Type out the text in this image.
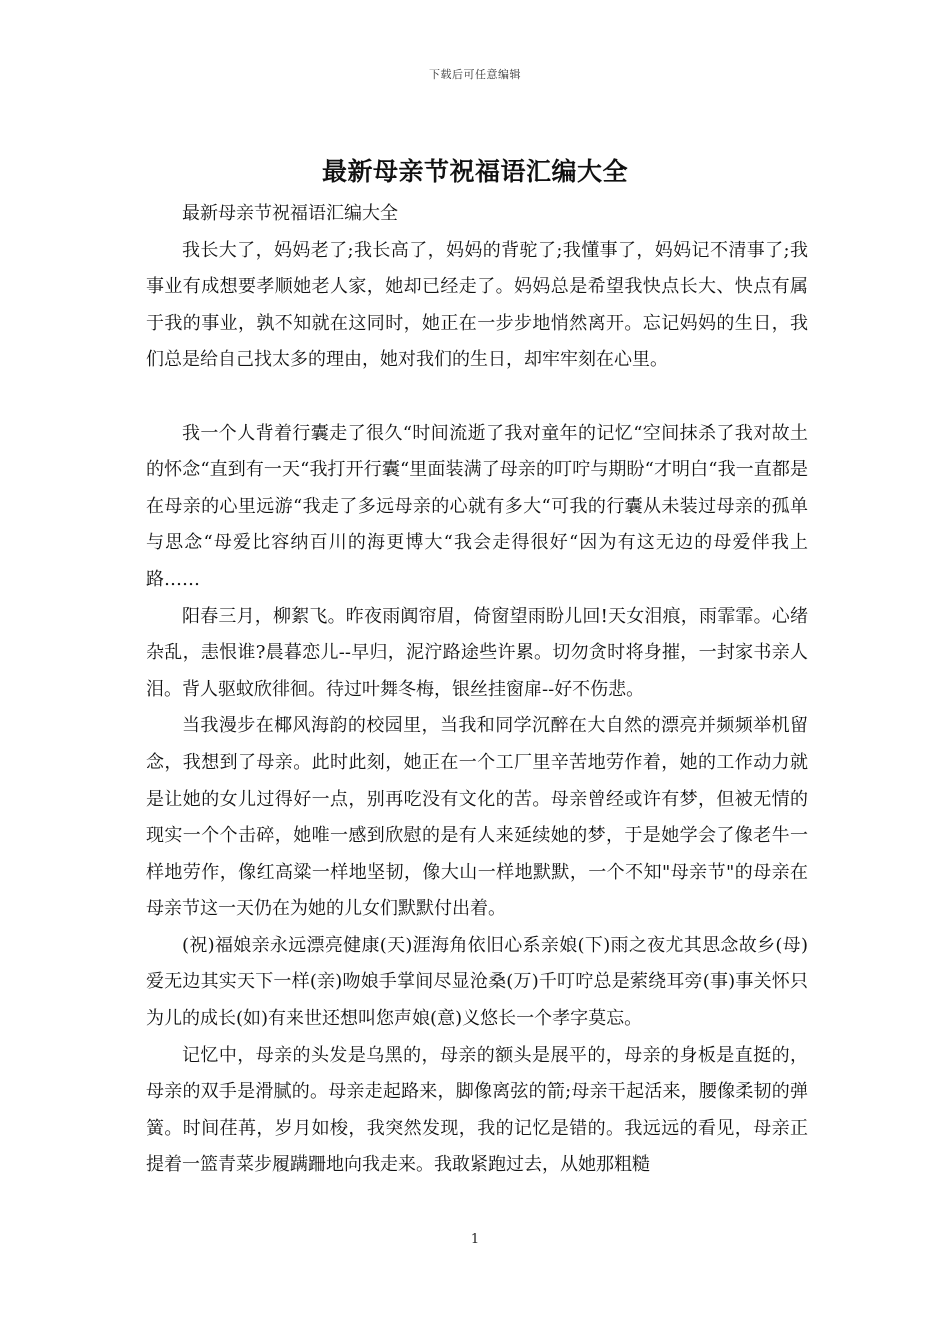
下载后可任意编辑
最新母亲节祝福语汇编大全

最新母亲节祝福语汇编大全

我长大了，妈妈老了;我长高了，妈妈的背驼了;我懂事了，妈妈记不清事了;我事业有成想要孝顺她老人家，她却已经走了。妈妈总是希望我快点长大、快点有属于我的事业，孰不知就在这同时，她正在一步步地悄然离开。忘记妈妈的生日，我们总是给自己找太多的理由，她对我们的生日，却牢牢刻在心里。

我一个人背着行囊走了很久“时间流逝了我对童年的记忆“空间抹杀了我对故土的怀念“直到有一天“我打开行囊“里面装满了母亲的叮咛与期盼“才明白“我一直都是在母亲的心里远游“我走了多远母亲的心就有多大“可我的行囊从未装过母亲的孤单与思念“母爱比容纳百川的海更博大“我会走得很好“因为有这无边的母爱伴我上路……

阳春三月，柳絮飞。昨夜雨阗帘眉，倚窗望雨盼儿回!天女泪痕，雨霏霏。心绪杂乱，恚恨谁?晨暮恋儿--早归，泥泞路途些许累。切勿贪时将身摧，一封家书亲人泪。背人驱蚊欣徘徊。待过叶舞冬梅，银丝挂窗扉--好不伤悲。

当我漫步在椰风海韵的校园里，当我和同学沉醉在大自然的漂亮并频频举机留念，我想到了母亲。此时此刻，她正在一个工厂里辛苦地劳作着，她的工作动力就是让她的女儿过得好一点，别再吃没有文化的苦。母亲曾经或许有梦，但被无情的现实一个个击碎，她唯一感到欣慰的是有人来延续她的梦，于是她学会了像老牛一样地劳作，像红高粱一样地坚韧，像大山一样地默默，一个不知"母亲节"的母亲在母亲节这一天仍在为她的儿女们默默付出着。

(祝)福娘亲永远漂亮健康(天)涯海角依旧心系亲娘(下)雨之夜尤其思念故乡(母)爱无边其实天下一样(亲)吻娘手掌间尽显沧桑(万)千叮咛总是萦绕耳旁(事)事关怀只为儿的成长(如)有来世还想叫您声娘(意)义悠长一个孝字莫忘。

记忆中，母亲的头发是乌黑的，母亲的额头是展平的，母亲的身板是直挺的，母亲的双手是滑腻的。母亲走起路来，脚像离弦的箭;母亲干起活来，腰像柔韧的弹簧。时间荏苒，岁月如梭，我突然发现，我的记忆是错的。我远远的看见，母亲正提着一篮青菜步履蹒跚地向我走来。我敢紧跑过去，从她那粗糙

1
